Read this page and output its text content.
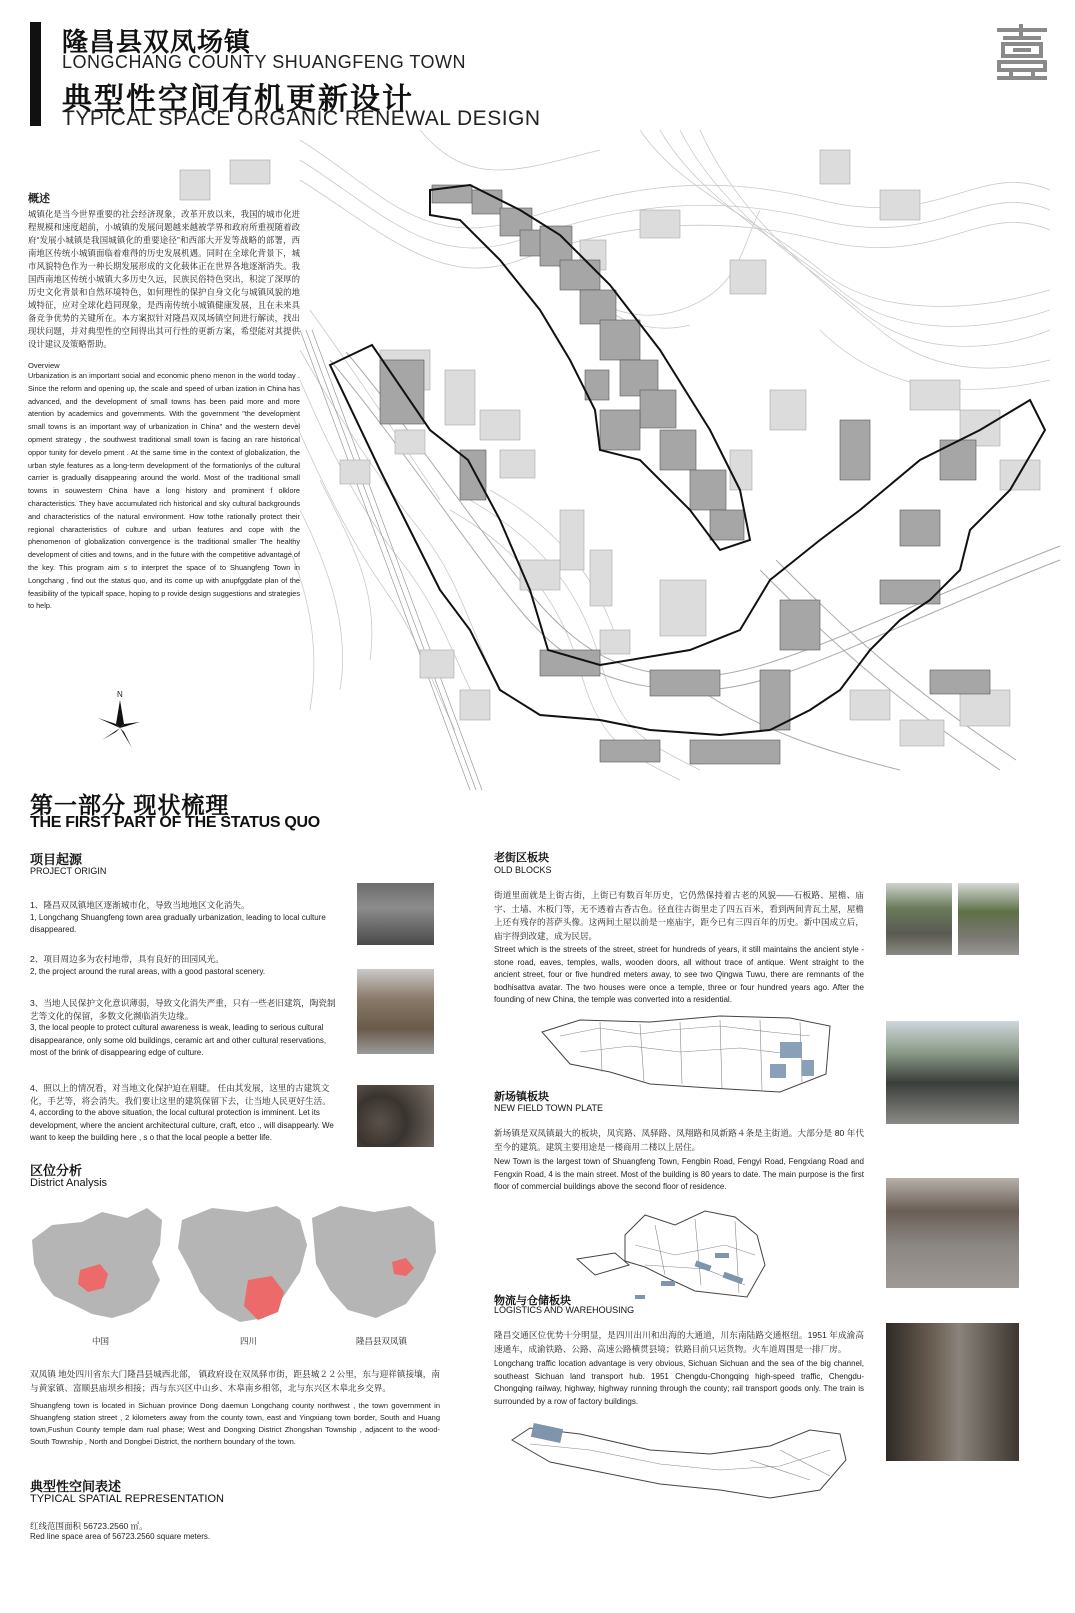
隆昌县双凤场镇
LONGCHANG COUNTY SHUANGFENG TOWN
典型性空间有机更新设计
TYPICAL SPACE ORGANIC RENEWAL DESIGN
概述
城镇化是当今世界重要的社会经济现象，改革开放以来，我国的城市化进程规模和速度超前，小城镇的发展问题越来越被学界和政府所重视随着政府“发展小城镇是我国城镇化的重要途径”和西部大开发等战略的部署，西南地区传统小城镇面临着难得的历史发展机遇。同时在全球化背景下，城市风貌特色作为一种长期发展形成的文化载体正在世界各地逐渐消失。我国西南地区传统小城镇大多历史久远，民族民俗特色突出，积淀了深厚的历史文化背景和自然环境特色，如何理性的保护自身文化与城镇风貌的地域特征，应对全球化趋同现象，是西南传统小城镇健康发展，且在未来具备竞争优势的关键所在。本方案拟针对隆昌双凤场镇空间进行解读，找出现状问题，并对典型性的空间得出其可行性的更新方案，希望能对其提供设计建议及策略帮助。
Overview
Urbanization is an important social and economic pheno menon in the world today . Since the reform and opening up, the scale and speed of urban ization in China has advanced, and the development of small towns has been paid more and more atention by academics and governments. With the government "the development small towns is an important way of urbanization in China" and the western devel opment strategy , the southwest traditional small town is facing an rare historical oppor tunity for develo pment . At the same time in the context of globalization, the urban style features as a long-term development of the formationlys of the cultural carrier is gradually disappearing around the world. Most of the traditional small towns in souwestern China have a long history and prominent f olklore characteristics. They have accumulated rich historical and sky cultural backgrounds and characteristics of the natural environment. How tothe rationally protect their regional characteristics of culture and urban features and cope with the phenomenon of globalization convergence is the traditional smaller The healthy development of cities and towns, and in the future with the competitive advantage of the key. This program aim s to interpret the space of to Shuangfeng Town in Longchang , find out the status quo, and its come up with anupfggdate plan of the feasibility of the typicalf space, hoping to p rovide design suggestions and strategies to help.
N
第一部分 现状梳理
THE FIRST PART OF THE STATUS QUO
项目起源
PROJECT ORIGIN
1、隆昌双凤镇地区逐渐城市化，导致当地地区文化消失。
1, Longchang Shuangfeng town area gradually urbanization, leading to local culture disappeared.
2、项目周边多为农村地带，具有良好的田园风光。
2, the project around the rural areas, with a good pastoral scenery.
3、当地人民保护文化意识薄弱，导致文化消失严重，只有一些老旧建筑，陶瓷制艺等文化的保留，多数文化濒临消失边缘。
3, the local people to protect cultural awareness is weak, leading to serious cultural disappearance, only some old buildings, ceramic art and other cultural reservations, most of the brink of disappearing edge of culture.
4、照以上的情况看，对当地文化保护迫在眉睫。 任由其发展，这里的古建筑文化，手艺等，将会消失。我们要让这里的建筑保留下去，让当地人民更好生活。
4, according to the above situation, the local cultural protection is imminent. Let its development, where the ancient architectural culture, craft, etco ., will disappearly. We want to keep the building here , s o that the local people a better life.
区位分析
District Analysis
中国	四川	隆昌县双凤镇
双凤镇 地处四川省东大门隆昌县城西北部， 镇政府设在双凤驿市街，距县城２２公里，东与迎祥镇接壤，南与黄家镇、富顺县庙坝乡相接；西与东兴区中山乡、木皋南乡相邻，北与东兴区木皋北乡交界。
Shuangfeng town is located in Sichuan province Dong daemun Longchang county northwest , the town government in Shuangfeng station street , 2 kilometers away from the county town, east and Yingxiang town border, South and Huang town,Fushun County temple dam rual phase; West and Dongxing District Zhongshan Township , adjacent to the wood-South Township , North and Dongbei District, the northern boundary of the town.
典型性空间表述
TYPICAL SPATIAL REPRESENTATION
红线范围面积 56723.2560 ㎡。
Red line space area of 56723.2560 square meters.
老街区板块
OLD BLOCKS
街道里面就是上街古街，上街已有数百年历史，它仍然保持着古老的风貌——石板路、屋檐、庙宇、土墙、木板门等，无不透着古香古色。径直往古街里走了四五百米，看到两间青瓦土屋，屋檐上还有残存的菩萨头像。这两间土屋以前是一座庙宇，距今已有三四百年的历史。新中国成立后，庙宇得到改建，成为民居。
Street which is the streets of the street, street for hundreds of years, it still maintains the ancient style - stone road, eaves, temples, walls, wooden doors, all without trace of antique. Went straight to the ancient street, four or five hundred meters away, to see two Qingwa Tuwu, there are remnants of the bodhisattva avatar. The two houses were once a temple, three or four hundred years ago. After the founding of new China, the temple was converted into a residential.
新场镇板块
NEW FIELD TOWN PLATE
新场镇是双凤镇最大的板块，凤宾路、凤驿路、凤翔路和凤新路４条是主街道。大部分是 80 年代至今的建筑。建筑主要用途是一楼商用二楼以上居住。
New Town is the largest town of Shuangfeng Town, Fengbin Road, Fengyi Road, Fengxiang Road and Fengxin Road, 4 is the main street. Most of the building is 80 years to date. The main purpose is the first floor of commercial buildings above the second floor of residence.
物流与仓储板块
LOGISTICS AND WAREHOUSING
隆昌交通区位优势十分明显，是四川出川和出海的大通道，川东南陆路交通枢纽。1951 年成渝高速通车，成渝铁路、公路、高速公路横贯县境；铁路目前只运货物。火车道周围是一排厂房。
Longchang traffic location advantage is very obvious, Sichuan Sichuan and the sea of the big channel, southeast Sichuan land transport hub. 1951 Chengdu-Chongqing high-speed traffic, Chengdu-Chongqing railway, highway, highway running through the county; rail transport goods only. The train is surrounded by a row of factory buildings.
